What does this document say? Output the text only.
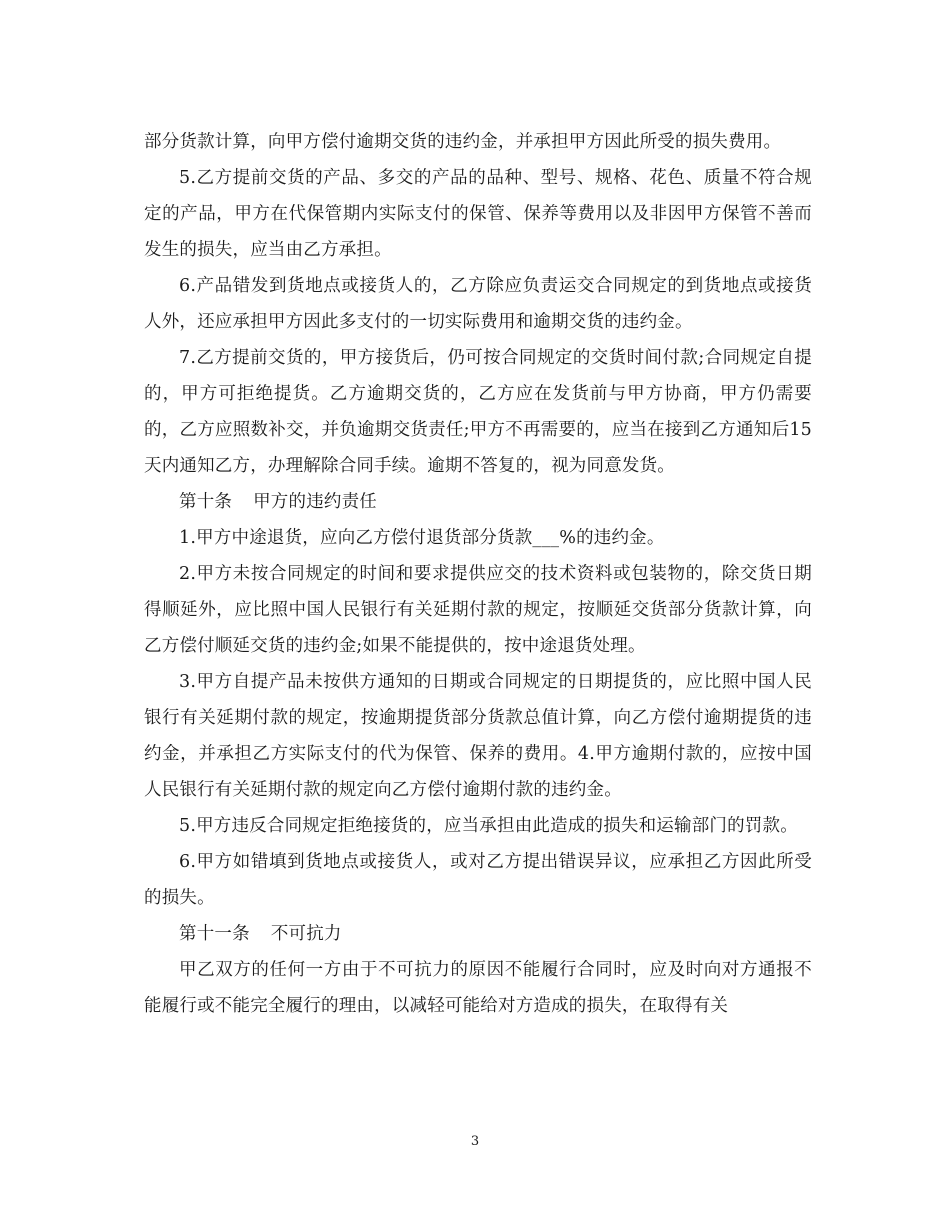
部分货款计算，向甲方偿付逾期交货的违约金，并承担甲方因此所受的损失费用。

5.乙方提前交货的产品、多交的产品的品种、型号、规格、花色、质量不符合规定的产品，甲方在代保管期内实际支付的保管、保养等费用以及非因甲方保管不善而发生的损失，应当由乙方承担。

6.产品错发到货地点或接货人的，乙方除应负责运交合同规定的到货地点或接货人外，还应承担甲方因此多支付的一切实际费用和逾期交货的违约金。

7.乙方提前交货的，甲方接货后，仍可按合同规定的交货时间付款;合同规定自提的，甲方可拒绝提货。乙方逾期交货的，乙方应在发货前与甲方协商，甲方仍需要的，乙方应照数补交，并负逾期交货责任;甲方不再需要的，应当在接到乙方通知后15天内通知乙方，办理解除合同手续。逾期不答复的，视为同意发货。

第十条 甲方的违约责任

1.甲方中途退货，应向乙方偿付退货部分货款___%的违约金。

2.甲方未按合同规定的时间和要求提供应交的技术资料或包装物的，除交货日期得顺延外，应比照中国人民银行有关延期付款的规定，按顺延交货部分货款计算，向乙方偿付顺延交货的违约金;如果不能提供的，按中途退货处理。

3.甲方自提产品未按供方通知的日期或合同规定的日期提货的，应比照中国人民银行有关延期付款的规定，按逾期提货部分货款总值计算，向乙方偿付逾期提货的违约金，并承担乙方实际支付的代为保管、保养的费用。4.甲方逾期付款的，应按中国人民银行有关延期付款的规定向乙方偿付逾期付款的违约金。

5.甲方违反合同规定拒绝接货的，应当承担由此造成的损失和运输部门的罚款。

6.甲方如错填到货地点或接货人，或对乙方提出错误异议，应承担乙方因此所受的损失。

第十一条 不可抗力

甲乙双方的任何一方由于不可抗力的原因不能履行合同时，应及时向对方通报不能履行或不能完全履行的理由，以减轻可能给对方造成的损失，在取得有关

3
